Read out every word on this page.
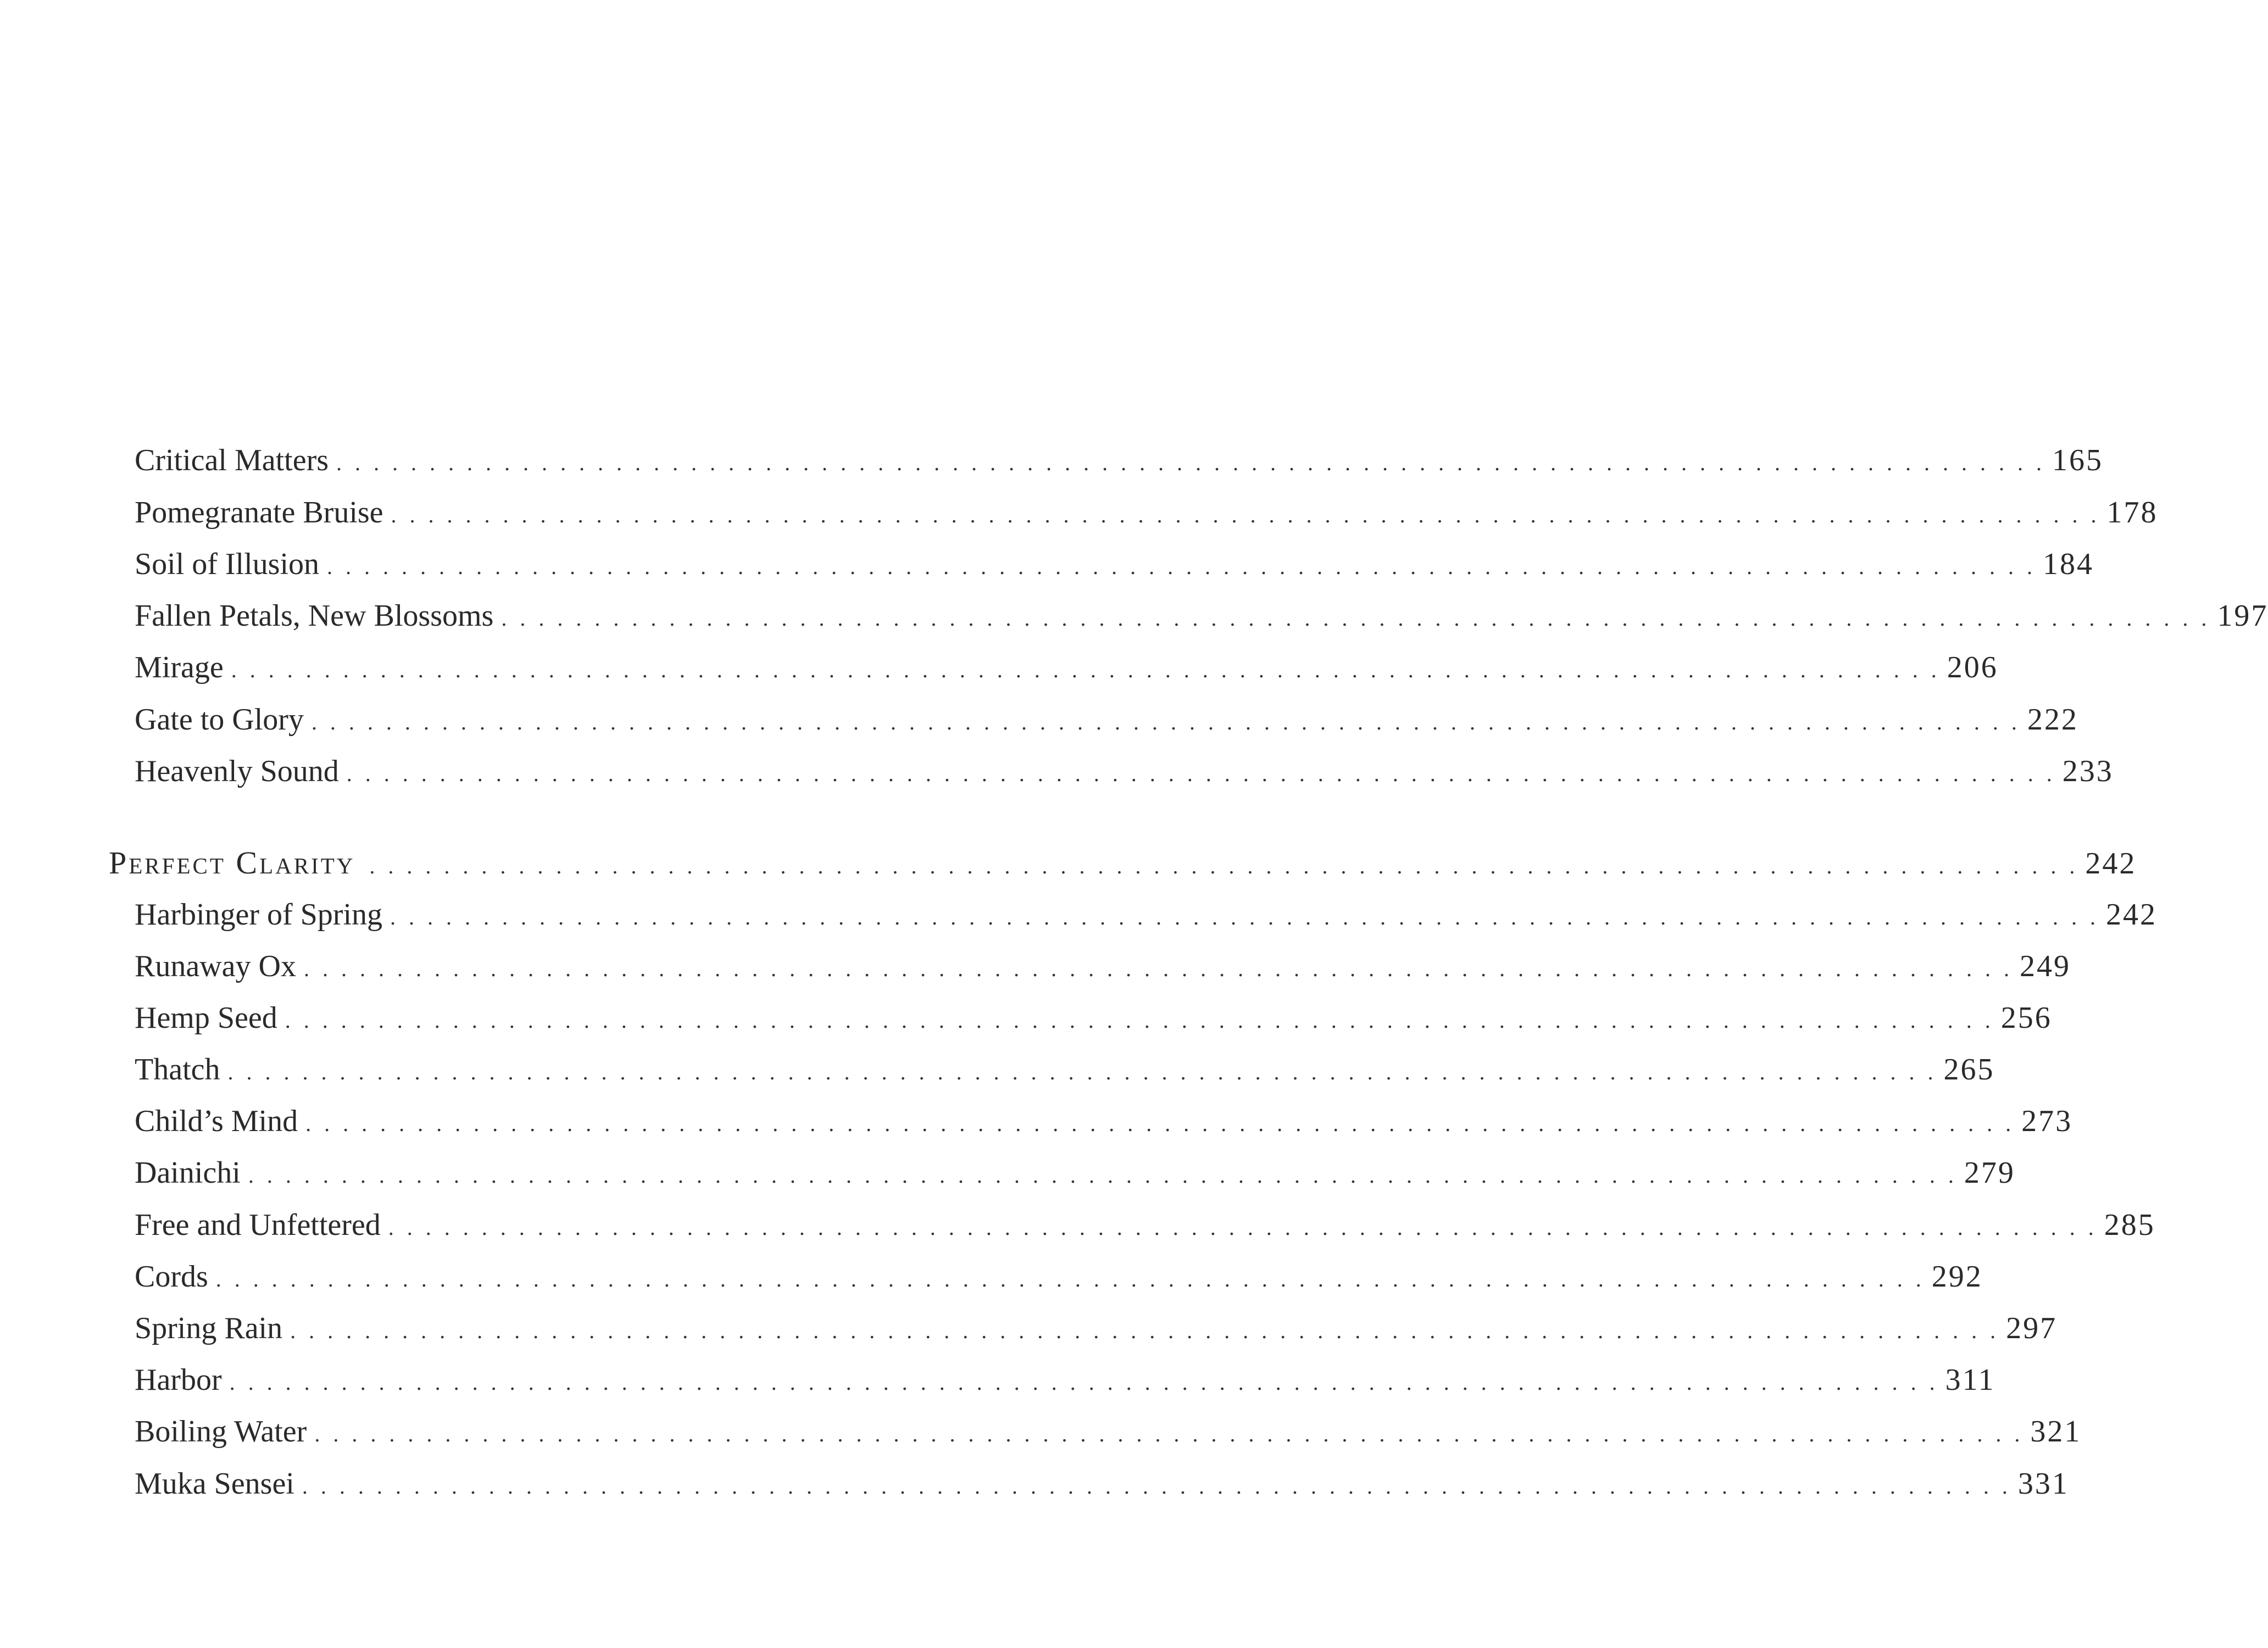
Critical Matters . . . . . . . . . . . . . . . . . . . . . . . . . . . . . . . . . . . . . . . . . . . . . . . . . . . . . . . . . . . . . . . . . . . . . . . . . . . . . . . . . . . . . . . . . . . . 165
Pomegranate Bruise . . . . . . . . . . . . . . . . . . . . . . . . . . . . . . . . . . . . . . . . . . . . . . . . . . . . . . . . . . . . . . . . . . . . . . . . . . . . . . . . . . . . . . . . . . . . 178
Soil of Illusion . . . . . . . . . . . . . . . . . . . . . . . . . . . . . . . . . . . . . . . . . . . . . . . . . . . . . . . . . . . . . . . . . . . . . . . . . . . . . . . . . . . . . . . . . . . . 184
Fallen Petals, New Blossoms . . . . . . . . . . . . . . . . . . . . . . . . . . . . . . . . . . . . . . . . . . . . . . . . . . . . . . . . . . . . . . . . . . . . . . . . . . . . . . . . . . . . . . . . . . . . 197
Mirage . . . . . . . . . . . . . . . . . . . . . . . . . . . . . . . . . . . . . . . . . . . . . . . . . . . . . . . . . . . . . . . . . . . . . . . . . . . . . . . . . . . . . . . . . . . . 206
Gate to Glory . . . . . . . . . . . . . . . . . . . . . . . . . . . . . . . . . . . . . . . . . . . . . . . . . . . . . . . . . . . . . . . . . . . . . . . . . . . . . . . . . . . . . . . . . . . . 222
Heavenly Sound . . . . . . . . . . . . . . . . . . . . . . . . . . . . . . . . . . . . . . . . . . . . . . . . . . . . . . . . . . . . . . . . . . . . . . . . . . . . . . . . . . . . . . . . . . . . 233
Perfect Clarity . . . . . . . . . . . . . . . . . . . . . . . . . . . . . . . . . . . . . . . . . . . . . . . . . . . . . . . . . . . . . . . . . . . . . . . . . . . . . . . . . . . . . . . . . . . . 242
Harbinger of Spring . . . . . . . . . . . . . . . . . . . . . . . . . . . . . . . . . . . . . . . . . . . . . . . . . . . . . . . . . . . . . . . . . . . . . . . . . . . . . . . . . . . . . . . . . . . . 242
Runaway Ox . . . . . . . . . . . . . . . . . . . . . . . . . . . . . . . . . . . . . . . . . . . . . . . . . . . . . . . . . . . . . . . . . . . . . . . . . . . . . . . . . . . . . . . . . . . . 249
Hemp Seed . . . . . . . . . . . . . . . . . . . . . . . . . . . . . . . . . . . . . . . . . . . . . . . . . . . . . . . . . . . . . . . . . . . . . . . . . . . . . . . . . . . . . . . . . . . . 256
Thatch . . . . . . . . . . . . . . . . . . . . . . . . . . . . . . . . . . . . . . . . . . . . . . . . . . . . . . . . . . . . . . . . . . . . . . . . . . . . . . . . . . . . . . . . . . . . 265
Child’s Mind . . . . . . . . . . . . . . . . . . . . . . . . . . . . . . . . . . . . . . . . . . . . . . . . . . . . . . . . . . . . . . . . . . . . . . . . . . . . . . . . . . . . . . . . . . . . 273
Dainichi . . . . . . . . . . . . . . . . . . . . . . . . . . . . . . . . . . . . . . . . . . . . . . . . . . . . . . . . . . . . . . . . . . . . . . . . . . . . . . . . . . . . . . . . . . . . 279
Free and Unfettered . . . . . . . . . . . . . . . . . . . . . . . . . . . . . . . . . . . . . . . . . . . . . . . . . . . . . . . . . . . . . . . . . . . . . . . . . . . . . . . . . . . . . . . . . . . . 285
Cords . . . . . . . . . . . . . . . . . . . . . . . . . . . . . . . . . . . . . . . . . . . . . . . . . . . . . . . . . . . . . . . . . . . . . . . . . . . . . . . . . . . . . . . . . . . . 292
Spring Rain . . . . . . . . . . . . . . . . . . . . . . . . . . . . . . . . . . . . . . . . . . . . . . . . . . . . . . . . . . . . . . . . . . . . . . . . . . . . . . . . . . . . . . . . . . . . 297
Harbor . . . . . . . . . . . . . . . . . . . . . . . . . . . . . . . . . . . . . . . . . . . . . . . . . . . . . . . . . . . . . . . . . . . . . . . . . . . . . . . . . . . . . . . . . . . . 311
Boiling Water . . . . . . . . . . . . . . . . . . . . . . . . . . . . . . . . . . . . . . . . . . . . . . . . . . . . . . . . . . . . . . . . . . . . . . . . . . . . . . . . . . . . . . . . . . . . 321
Muka Sensei . . . . . . . . . . . . . . . . . . . . . . . . . . . . . . . . . . . . . . . . . . . . . . . . . . . . . . . . . . . . . . . . . . . . . . . . . . . . . . . . . . . . . . . . . . . . 331
